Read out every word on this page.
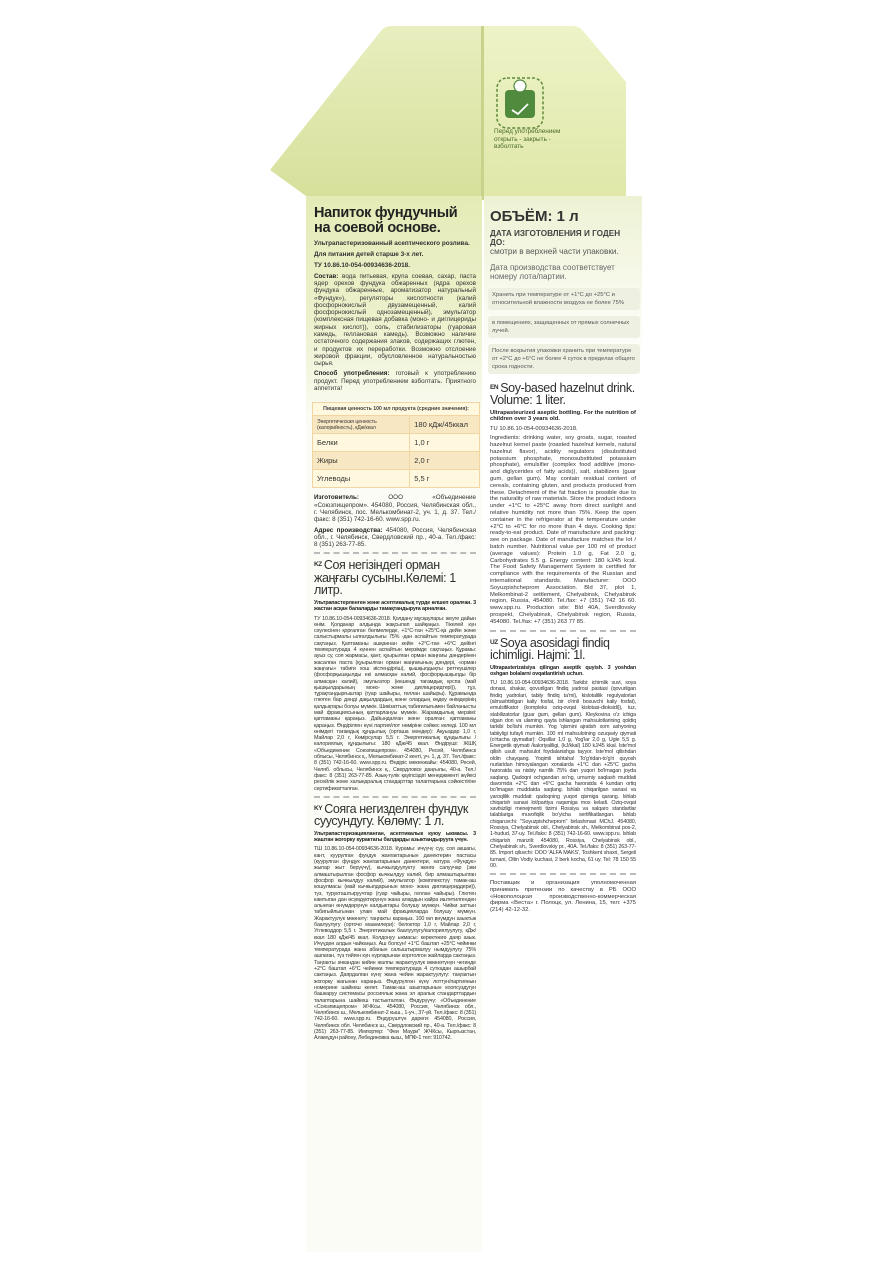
Перед употреблением открыть - закрыть - взболтать
Напиток фундучный на соевой основе.
Ультрапастеризованный асептического розлива.
Для питания детей старше 3-х лет.
ТУ 10.86.10-054-00934636-2018.
Состав: вода питьевая, крупа соевая, сахар, паста ядер орехов фундука обжаренных (ядра орехов фундука обжаренные, ароматизатор натуральный «Фундук»), регуляторы кислотности (калий фосфорнокислый двузамещенный, калий фосфорнокислый однозамещенный), эмульгатор (комплексная пищевая добавка (моно- и диглицериды жирных кислот)), соль, стабилизаторы (гуаровая камедь, геллановая камедь). Возможно наличие остаточного содержания злаков, содержащих глютен, и продуктов их переработки. Возможно отслоение жировой фракции, обусловленное натуральностью сырья.
Способ употребления: готовый к употреблению продукт. Перед употреблением взболтать. Приятного аппетита!
Пищевая ценность 100 мл продукта (средние значения):
Энергетическая ценность (калорийность), кДж/ккал	180 кДж/45ккал
Белки	1,0 г
Жиры	2,0 г
Углеводы	5,5 г
Изготовитель:	ООО «Объединение «Союзпищепром». 454080, Россия, Челябинская обл., г. Челябинск, пос. Мелькомбинат-2, уч. 1, д. 37. Тел./факс: 8 (351) 742-16-60. www.spp.ru.
Адрес производства: 454080, Россия, Челябинская обл., г. Челябинск, Свердловский пр., 40-а. Тел./факс: 8 (351) 263-77-85.
$^{KZ}$ Соя негізіндегі орман жаңғағы сусыны.Көлемі: 1 литр.
Ультрапастерленген және асептикалық түрде өлшеп оралған. 3 жастан асқан балаларды тамақтандыруға арналған.
ТУ 10.86.10-054-00934636-2018. Қолдану мұсқаулары: жеуге дайын өнім. Қолданар алдында жақсылап шайқаңыз. Тікелей күн сәулесінен қорғалған бөлмелерде, +1°С-тан +25°С-қа дейін және салыстырмалы ылғалдылығы 75% -дан аспайтын температурада сақтаңыз. Қаптаманы ашқаннан кейін +2°С-тан +6°С дейінгі температурада 4 күннен аспайтын мерзімде сақтаңыз. Құрамы: ауыз су, соя жармасы, қант, қуырылған орман жаңғағы дәндерінен жасалған паста (қуырылған орман жаңғағының дәндері, «орман жаңғағы» табиғи хош иістендіргіш), қышқылдықты реттеушілер (фосфорқышқылды екі алмасқан калий, фосфорқышқылды бір алмасқан калий), эмульгатор (кешенді тағамдық қоспа (май қышқылдарының моно- және диглицеридтері)), тұз, тұрақтандырғыштар (гуар шайыры, геллан шайыры). Құрамында глютен бар дәнді дақылдардың және олардың өңдеу өнімдерінің қалдықтары болуы мүмкін. Шикізаттың табиғилығымен байланысты май фракциясының қатпарлануы мүмкін. Жарамдылық мерзімі: қаптаманы қараңыз. Дайындалған және оралған: қаптаманы қараңыз. Өндірілген күні партия/лот нөміріне сәйкес келеді. 100 мл өнімдегі тағамдық құндылық (орташа мәндер): Ақуыздар 1,0 г, Майлар 2,0 г, Көмірсулар 5,5 г. Энергетикалық құндылығы / калориялық құндылығы: 180 кДж/45 ккал. Өндіруші: ЖШҚ «Объединение Союзпищепром». 454080, Ресей, Челябинск облысы, Челябинск қ., Мелькомбинат-2 кенті, уч. 1, д. 37. Тел./факс: 8 (351) 742-16-60. www.spp.ru. Өндіріс мекенжайы: 454080, Ресей, Челяб. облысы, Челябинск қ., Свердловск даңғылы, 40-а. Тел./факс: 8 (351) 263-77-85. Азық-түлік қауіпсіздігі менеджменті жүйесі ресейлік және халықаралық стандарттар талаптарына сәйкестігіне сертификатталған.
$^{KY}$ Сояга негизделген фундук суусундугу. Көлөмү: 1 л.
Ультрапастеризацияланган, асептикалык куюу ыкмасы. 3 жаштан жогорку курактагы балдарды азыктандырууга үчүн.
ТШ 10.86.10-054-00934636-2018. Курамы: ичүүчү суу, соя акшагы, кант, куурулган фундук жангактарынын данектерин пастасы (куурулган фундук жангактарынын данектери, натура «Фундук» жыпар жыт берүүчү), кычкылдуулукту жөнгө салуучар (эки алмаштырылган фосфор кычкылдуу калий, бир алмаштырылган фосфор кычкылдуу калий), эмульгатор (комплекстүү тамак-аш кошулмасы (май кычкылдарынын моно- жана диглицериддери)), туз, турукташтыруучтар (гуар чайыры, геллан чайыры). Глютен камтыган дан өсүмдүктөрүнүн жана алардын кайра иштетилгенден алынган өнүмдөрүнүн калдыктары болушу мүмкүн. Чийки заттын табигыйлыгынан улам май фракцияларда болушу мүмкүн. Жарактуулук мөөнөтү: таңгакты караңыз. 100 мл внүмдүн азыктык баалуулугу (орточо маанилери): белоктор 1,0 г, Майлар 2,0 г, Углеводдор 5,5 г. Энергетикалык баалуулугу/калориялуулугу, кДж/ккал 180 кДж/45 ккал. Колдонуу ыкмасы: керектөөгө даяр азык. Ичүүдөн алдын чайкаңыз. Аш болсун! +1°С баштап +25°С чейинки температурада жана абанын салыштырмалуу нымдуулугу 75% ашпаган, түз тийген күн нурларынан коргголгон жайларда сактаңыз. Таңгакты ачкандан кийин жалпы жарактуулук мөөнөтүнүн чегинде +2°С баштап +6°С чейинки температурада 4 суткадан ашырбай сактаңыз. Даярдалган күнү жана чейин жарактуулугу: таңгактын жогорку жагынан караңыз. Өндүрүлгөн күнү лоттун/партиянын номерине шайкеш келет. Тамак-аш азыктарынын коопсуздугун башкаруу системасы россиялык жана эл аралык стандарттардын талаптарына шайкеш тастыкталган. Өндүрүүчү: «Объединение «Союзпищепром» ЖЧКсы. 454080, Россия, Челябинск обл., Челябинск ш., Мелькомбинат-2 кыш., 1-уч., 37-үй. Тел./факс: 8 (351) 742-16-60. www.spp.ru. Өндүрүштүн дареги: 454080, Россия, Челябинск обл. Челябинск ш., Свердловский пр., 40-а. Тел./факс: 8 (351) 263-77-85. Импортер: "Феи Маури" ЖЧКсы, Кыргызстан, Аламүдүн району, Лебединовка кыш., МПФ-1 тел: 910742.
ОБЪЁМ: 1 л
ДАТА ИЗГОТОВЛЕНИЯ И ГОДЕН ДО:
смотри в верхней части упаковки.
Дата производства соответствует номеру лота/партии.
Хранить при температуре от +1°С до +25°С и относительной влажности воздуха не более 75%
в помещениях, защищенных от прямых солнечных лучей.
После вскрытия упаковки хранить при температуре от +2°С до +6°С не более 4 суток в пределах общего срока годности.
$^{EN}$ Soy-based hazelnut drink. Volume: 1 liter.
Ultrapasteurized aseptic bottling. For the nutrition of children over 3 years old.
TU 10.86.10-054-00934636-2018.
Ingredients: drinking water, soy groats, sugar, roasted hazelnut kernel paste (roasted hazelnut kernels, natural hazelnut flavor), acidity regulators (disubstituted potassium phosphate, monosubstituted potassium phosphate), emulsifier (complex food additive (mono- and diglycerides of fatty acids)), salt, stabilizers (guar gum, gellan gum). May contain residual content of cereals, containing gluten, and products produced from these. Detachment of the fat fraction is possible due to the naturality of raw materials. Store the product indoors under +1°С to +25°С away from direct sunlight and relative humidity not more than 75%. Keep the open container in the refrigerator at the temperature under +2°С to +6°С for no more than 4 days. Cooking tips: ready-to-eat product. Date of manufacture and packing: see on package. Date of manufacture matches the lot / batch number. Nutritional value per 100 ml of product (average values): Protein 1.0 g, Fat 2.0 g, Carbohydrates 5.5 g. Energy content: 180 kJ/45 kcal. The Food Safety Management System is certified for compliance with the requirements of the Russian and international standards. Manufacturer: OOO Soyuzpishcheprom Association. Bld 37, plot 1, Melkombinat-2 settlement, Chelyabinsk, Chelyabinsk region, Russia, 454080. Tel./fax: +7 (351) 742 16 60. www.spp.ru. Production site: Bld 40A, Sverdlovsky prospekt, Chelyabinsk, Chelyabinsk region, Russia, 454080. Tel./fax: +7 (351) 263 77 85.
$^{UZ}$ Soya asosidagi findiq ichimligi. Hajmi: 1l.
Ultrapasterizatsiya qilingan aseptik quyish. 3 yoshdan oshgan bolalarni ovqatlantirish uchun.
TU 10.86.10-054-00934636-2018. Tarkibi: ichimlik suvi, soya donasi, shakar, qovurilgan findiq yadrosi pastasi (qovurilgan findiq yadrolari, tabiiy findiq ta'mi), kislotalilik regulyatorlari (almashtirilgan kaliy fosfat, bir o'rinli bosuvchi kaliy fosfat), emulsifikator (kompleks oziq-ovqat kislotasi-dioksidi)), tuz, stabilizatorlar (guar gum, gellan gum). Kleykovina o'z ichiga olgan don va ularning qayta ishlangan mahsulotlarining qoldiq tarkibi bo'lishi mumkin. Yog 'qismini ajratish xom ashyoning tabiiyligi tufayli mumkin. 100 ml mahsulotning ozuqaviy qiymati (o'rtacha qiymatlar): Oqsillar 1,0 g, Yog'lar 2,0 g, Ugle 5,5 g. Energetik qiymati /kaloriyaliligi, (kJ/kkal) 180 kJ/45 kkal. Iste'mol qilish usuli: mahsulot foydalanishga tayyor. Iste'mol qilishdan oldin chayqang. Yoqimli ishtaha! To'g'ridan-to'g'ri quyosh nurlaridan himoyalangan xonalarda +1°С dan +25°С gacha haroratda va nisbiy namlik 75% dan yuqori bo'lmagan joyda saqlang. Qadoqni ochgandan so'ng, umumiy saqlash muddati davomida +2°С dan +6°С gacha haroratda 4 kundan ortiq bo'lmagan muddatda saqlang. Ishlab chiqarilgan sanasi va yaroqlilik muddati: qadoqning yuqori qismiga qarang. Ishlab chiqarish sanasi lot/partiya raqamiga mos keladi. Oziq-ovqat xavfsizligi menejmenti tizimi Rossiya va xalqaro standartlar talablariga muvofiqlik bo'yicha sertifikatlangan. Ishlab chiqaruvchi: "Soyuzpishcheprom" birlashmasi MChJ. 454080, Rossiya, Chelyabinsk obl., Chelyabinsk sh., Melkombinat pos-2, 1-hudud, 37-uy. Tel./faks: 8 (351) 742-16-60. www.spp.ru. Ishlab chiqarish manzili: 454080, Rossiya, Chelyabinsk obl., Chelyabinsk sh., Sverdlovskiy pr., 40A. Tel./faks: 8 (351) 263-77-85. Import qiluvchi: OOO 'ALFA MAKS', Toshkent shaxri, Sergeli tumani, Oltin Vodiy kuchasi, 2 berk kocha, 61 uy. Tel: 78 150 55 00.
Поставщик и организация уполномоченная принимать претензии по качеству в РБ ООО «Новополоцкая производственно-коммерческая фирма «Веста» г. Полоцк, ул. Ленина, 15, тел: +375 (214) 42-12-32.
